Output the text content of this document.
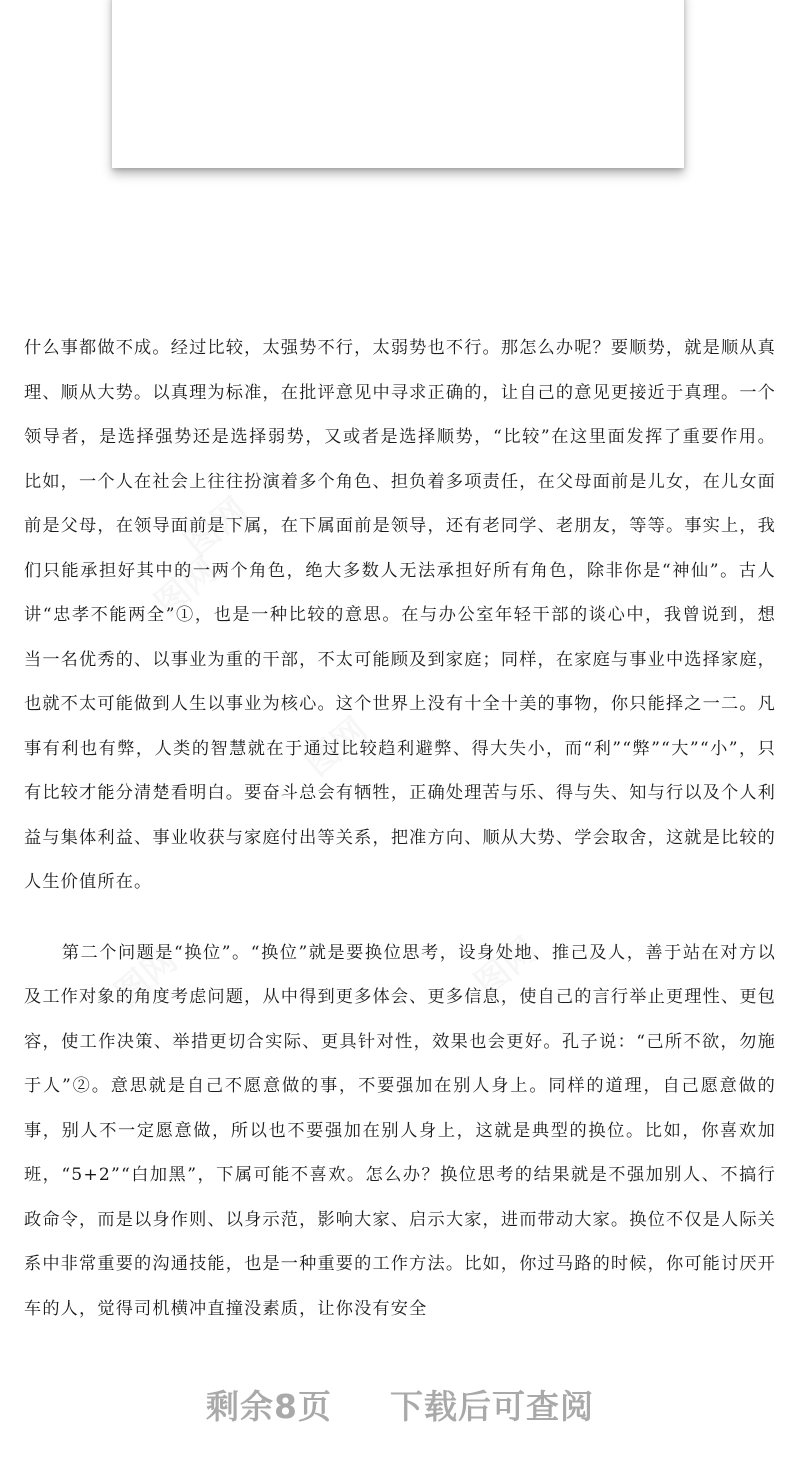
什么事都做不成。经过比较，太强势不行，太弱势也不行。那怎么办呢？要顺势，就是顺从真理、顺从大势。以真理为标准，在批评意见中寻求正确的，让自己的意见更接近于真理。一个领导者，是选择强势还是选择弱势，又或者是选择顺势，“比较”在这里面发挥了重要作用。比如，一个人在社会上往往扮演着多个角色、担负着多项责任，在父母面前是儿女，在儿女面前是父母，在领导面前是下属，在下属面前是领导，还有老同学、老朋友，等等。事实上，我们只能承担好其中的一两个角色，绝大多数人无法承担好所有角色，除非你是“神仙”。古人讲“忠孝不能两全”①，也是一种比较的意思。在与办公室年轻干部的谈心中，我曾说到，想当一名优秀的、以事业为重的干部，不太可能顾及到家庭；同样，在家庭与事业中选择家庭，也就不太可能做到人生以事业为核心。这个世界上没有十全十美的事物，你只能择之一二。凡事有利也有弊，人类的智慧就在于通过比较趋利避弊、得大失小，而“利”“弊”“大”“小”，只有比较才能分清楚看明白。要奋斗总会有牺牲，正确处理苦与乐、得与失、知与行以及个人利益与集体利益、事业收获与家庭付出等关系，把准方向、顺从大势、学会取舍，这就是比较的人生价值所在。

第二个问题是“换位”。“换位”就是要换位思考，设身处地、推己及人，善于站在对方以及工作对象的角度考虑问题，从中得到更多体会、更多信息，使自己的言行举止更理性、更包容，使工作决策、举措更切合实际、更具针对性，效果也会更好。孔子说：“己所不欲，勿施于人”②。意思就是自己不愿意做的事，不要强加在别人身上。同样的道理，自己愿意做的事，别人不一定愿意做，所以也不要强加在别人身上，这就是典型的换位。比如，你喜欢加班，“5+2”“白加黑”，下属可能不喜欢。怎么办？换位思考的结果就是不强加别人、不搞行政命令，而是以身作则、以身示范，影响大家、启示大家，进而带动大家。换位不仅是人际关系中非常重要的沟通技能，也是一种重要的工作方法。比如，你过马路的时候，你可能讨厌开车的人，觉得司机横冲直撞没素质，让你没有安全

剩余8页 下载后可查阅
